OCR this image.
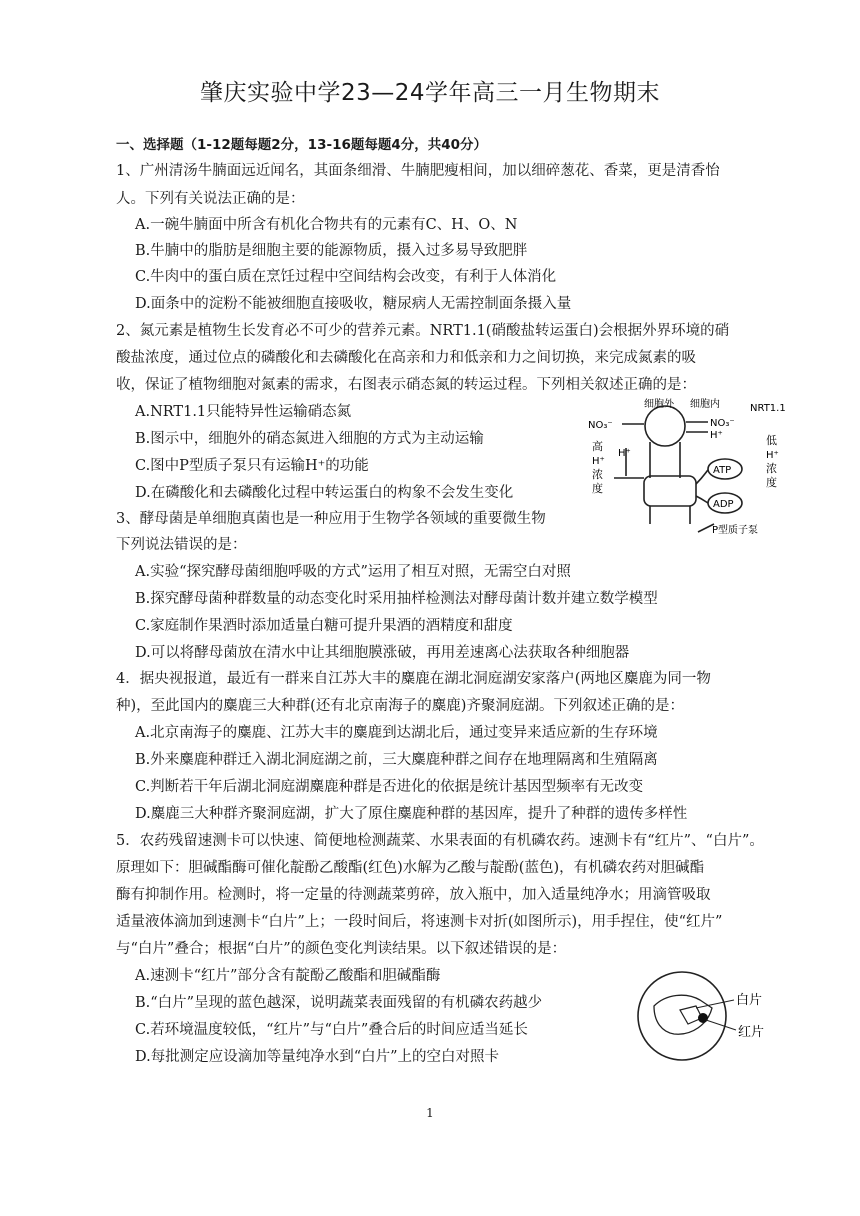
肇庆实验中学23—24学年高三一月生物期末
一、选择题（1-12题每题2分，13-16题每题4分，共40分）
1、广州清汤牛腩面远近闻名，其面条细滑、牛腩肥瘦相间，加以细碎葱花、香菜，更是清香怡
人。下列有关说法正确的是：
A.一碗牛腩面中所含有机化合物共有的元素有C、H、O、N
B.牛腩中的脂肪是细胞主要的能源物质，摄入过多易导致肥胖
C.牛肉中的蛋白质在烹饪过程中空间结构会改变，有利于人体消化
D.面条中的淀粉不能被细胞直接吸收，糖尿病人无需控制面条摄入量
2、氮元素是植物生长发育必不可少的营养元素。NRT1.1(硝酸盐转运蛋白)会根据外界环境的硝
酸盐浓度，通过位点的磷酸化和去磷酸化在高亲和力和低亲和力之间切换，来完成氮素的吸
收，保证了植物细胞对氮素的需求，右图表示硝态氮的转运过程。下列相关叙述正确的是：
A.NRT1.1只能特异性运输硝态氮
B.图示中，细胞外的硝态氮进入细胞的方式为主动运输
C.图中P型质子泵只有运输H⁺的功能
D.在磷酸化和去磷酸化过程中转运蛋白的构象不会发生变化
细胞外 细胞内	NRT1.1
NO₃⁻	NO₃⁻
H⁺
H⁺
高
H⁺
浓
度
低
H⁺
浓
度
ATP
ADP
P型质子泵
3、酵母菌是单细胞真菌也是一种应用于生物学各领域的重要微生物
下列说法错误的是：
A.实验“探究酵母菌细胞呼吸的方式”运用了相互对照，无需空白对照
B.探究酵母菌种群数量的动态变化时采用抽样检测法对酵母菌计数并建立数学模型
C.家庭制作果酒时添加适量白糖可提升果酒的酒精度和甜度
D.可以将酵母菌放在清水中让其细胞膜涨破，再用差速离心法获取各种细胞器
4．据央视报道，最近有一群来自江苏大丰的麋鹿在湖北洞庭湖安家落户(两地区麋鹿为同一物
种)，至此国内的麋鹿三大种群(还有北京南海子的麋鹿)齐聚洞庭湖。下列叙述正确的是：
A.北京南海子的麋鹿、江苏大丰的麋鹿到达湖北后，通过变异来适应新的生存环境
B.外来麋鹿种群迁入湖北洞庭湖之前，三大麋鹿种群之间存在地理隔离和生殖隔离
C.判断若干年后湖北洞庭湖麋鹿种群是否进化的依据是统计基因型频率有无改变
D.麋鹿三大种群齐聚洞庭湖，扩大了原住麋鹿种群的基因库，提升了种群的遗传多样性
5．农药残留速测卡可以快速、简便地检测蔬菜、水果表面的有机磷农药。速测卡有“红片”、“白片”。
原理如下：胆碱酯酶可催化靛酚乙酸酯(红色)水解为乙酸与靛酚(蓝色)，有机磷农药对胆碱酯
酶有抑制作用。检测时，将一定量的待测蔬菜剪碎，放入瓶中，加入适量纯净水；用滴管吸取
适量液体滴加到速测卡“白片”上；一段时间后，将速测卡对折(如图所示)，用手捏住，使“红片”
与“白片”叠合；根据“白片”的颜色变化判读结果。以下叙述错误的是：
A.速测卡“红片”部分含有靛酚乙酸酯和胆碱酯酶
B.“白片”呈现的蓝色越深，说明蔬菜表面残留的有机磷农药越少
C.若环境温度较低，“红片”与“白片”叠合后的时间应适当延长
D.每批测定应设滴加等量纯净水到“白片”上的空白对照卡
白片
红片
1
